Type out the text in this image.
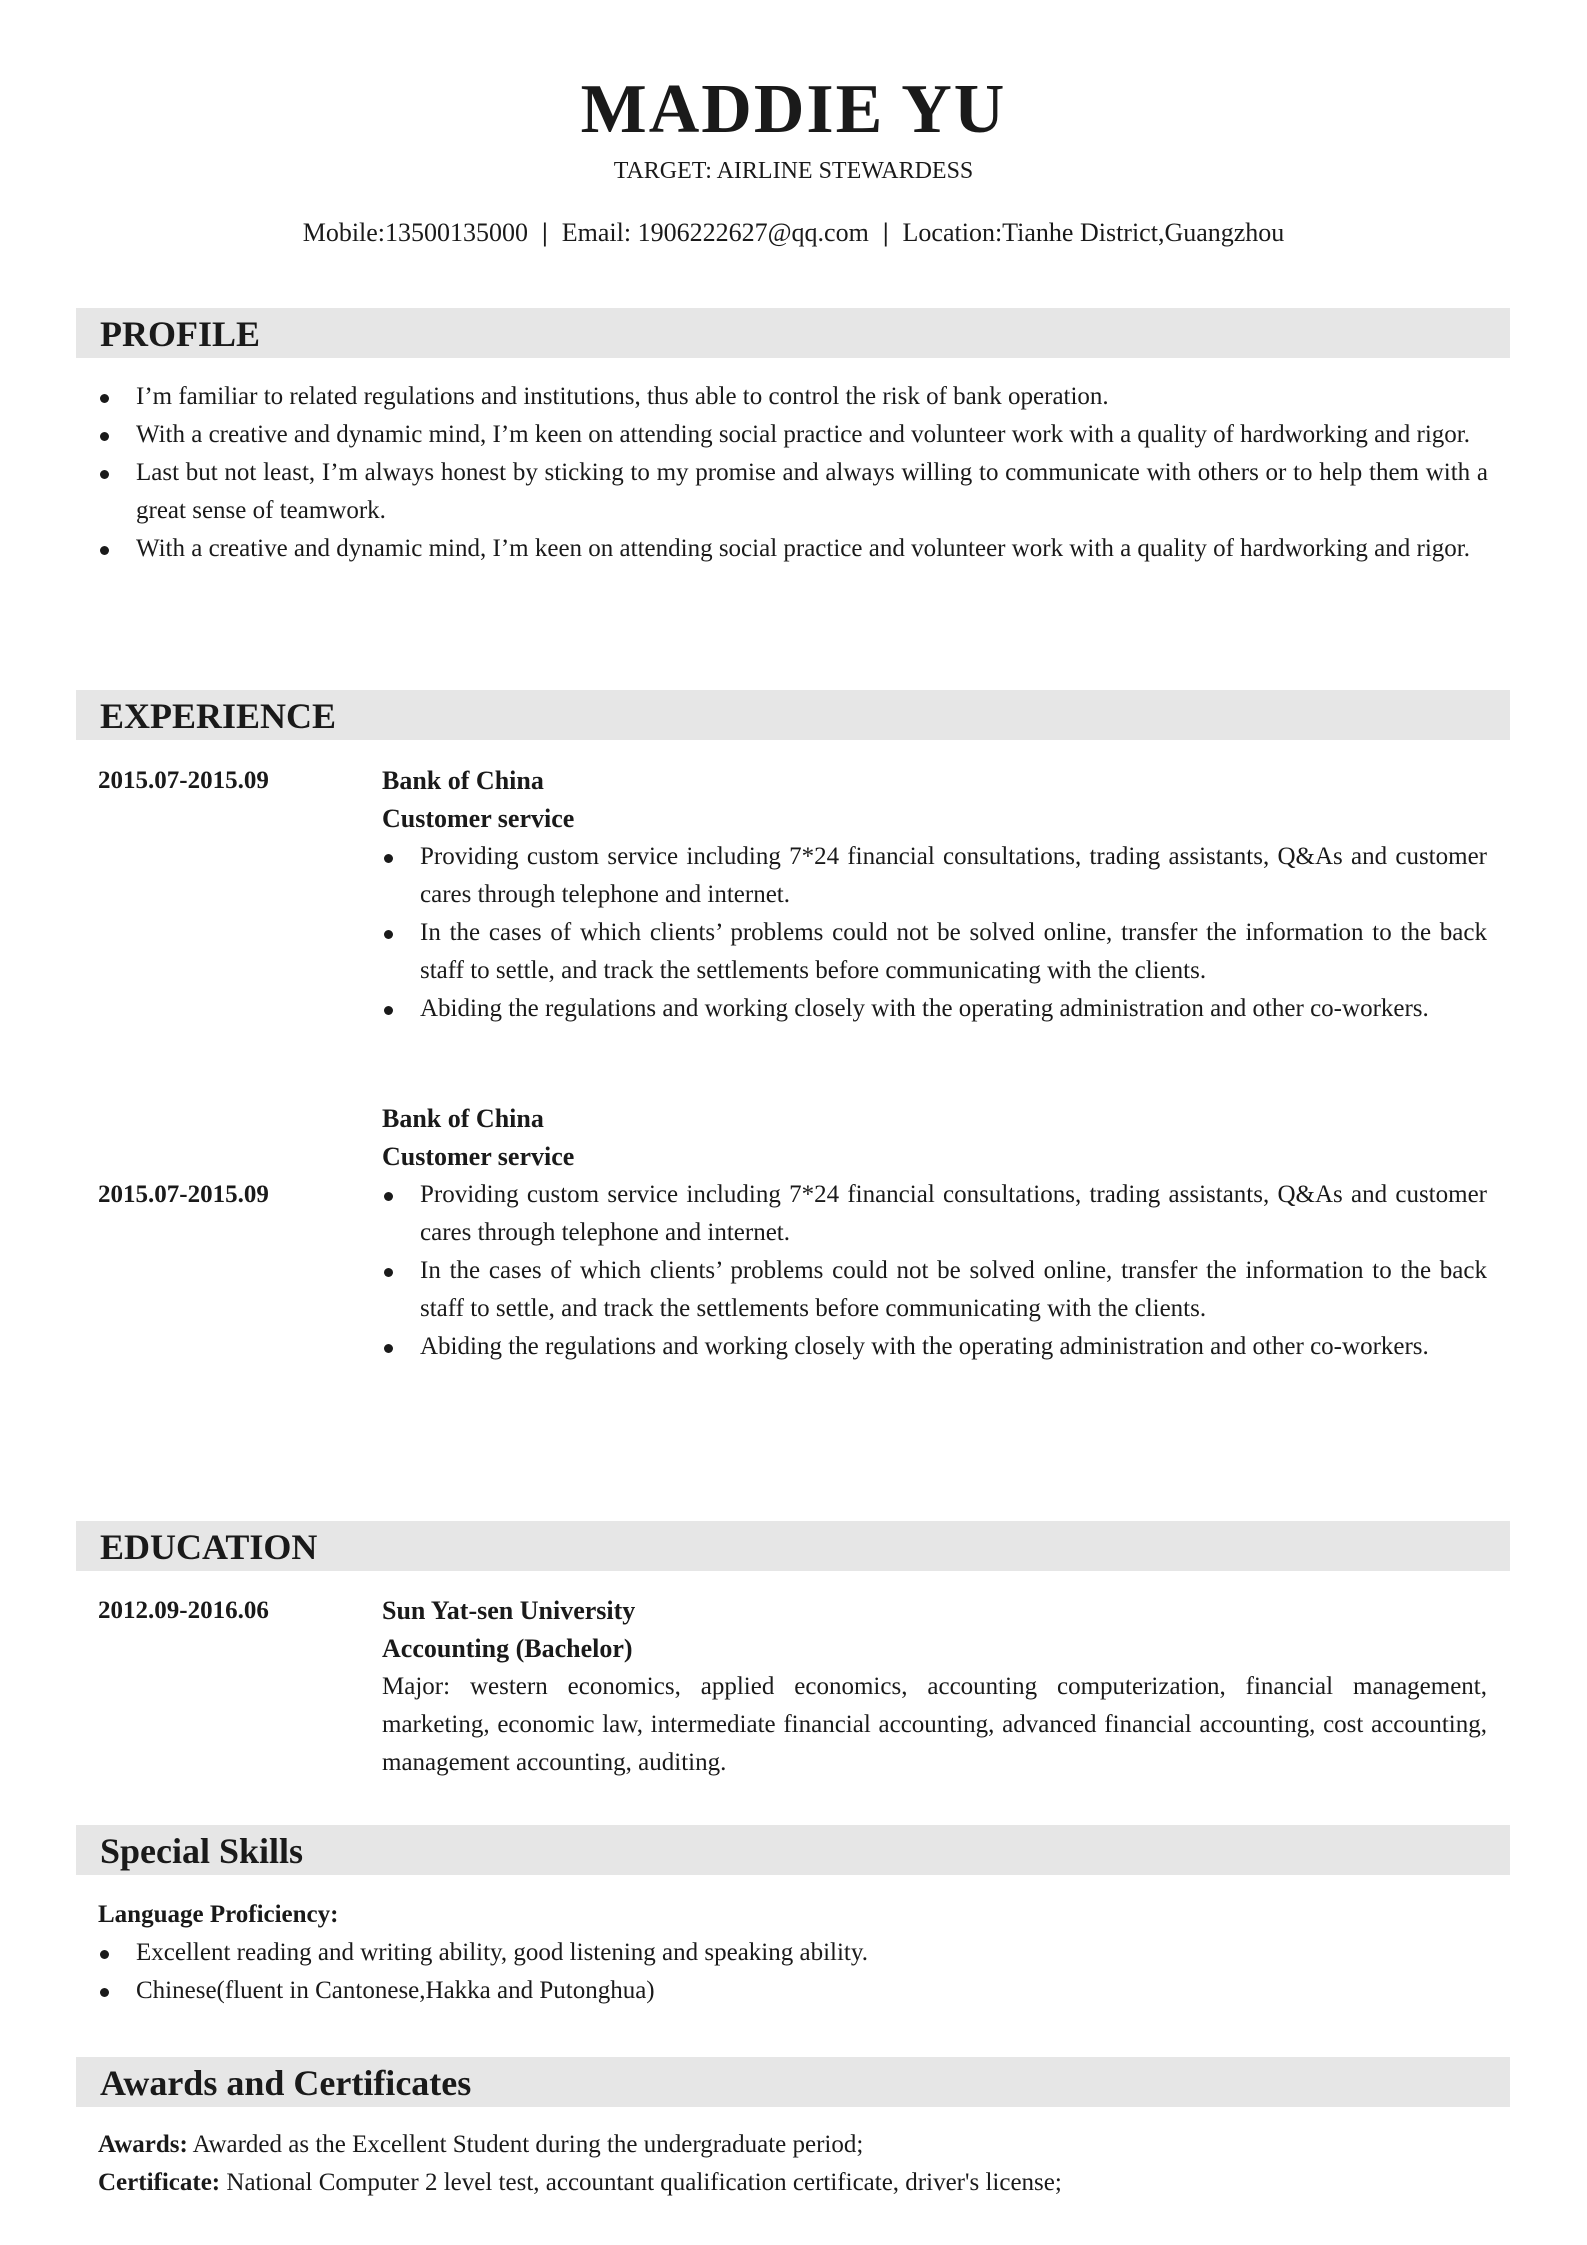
MADDIE YU
TARGET: AIRLINE STEWARDESS
Mobile:13500135000 | Email: 1906222627@qq.com | Location:Tianhe District,Guangzhou
PROFILE
I’m familiar to related regulations and institutions, thus able to control the risk of bank operation.
With a creative and dynamic mind, I’m keen on attending social practice and volunteer work with a quality of hardworking and rigor.
Last but not least, I’m always honest by sticking to my promise and always willing to communicate with others or to help them with a great sense of teamwork.
With a creative and dynamic mind, I’m keen on attending social practice and volunteer work with a quality of hardworking and rigor.
EXPERIENCE
2015.07-2015.09	Bank of China
Customer service
Providing custom service including 7*24 financial consultations, trading assistants, Q&As and customer cares through telephone and internet.
In the cases of which clients’ problems could not be solved online, transfer the information to the back staff to settle, and track the settlements before communicating with the clients.
Abiding the regulations and working closely with the operating administration and other co-workers.
Bank of China
Customer service
2015.07-2015.09	Providing custom service including 7*24 financial consultations, trading assistants, Q&As and customer cares through telephone and internet.
In the cases of which clients’ problems could not be solved online, transfer the information to the back staff to settle, and track the settlements before communicating with the clients.
Abiding the regulations and working closely with the operating administration and other co-workers.
EDUCATION
2012.09-2016.06	Sun Yat-sen University
Accounting (Bachelor)
Major: western economics, applied economics, accounting computerization, financial management, marketing, economic law, intermediate financial accounting, advanced financial accounting, cost accounting, management accounting, auditing.
Special Skills
Language Proficiency:
Excellent reading and writing ability, good listening and speaking ability.
Chinese(fluent in Cantonese,Hakka and Putonghua)
Awards and Certificates
Awards: Awarded as the Excellent Student during the undergraduate period;
Certificate: National Computer 2 level test, accountant qualification certificate, driver's license;
